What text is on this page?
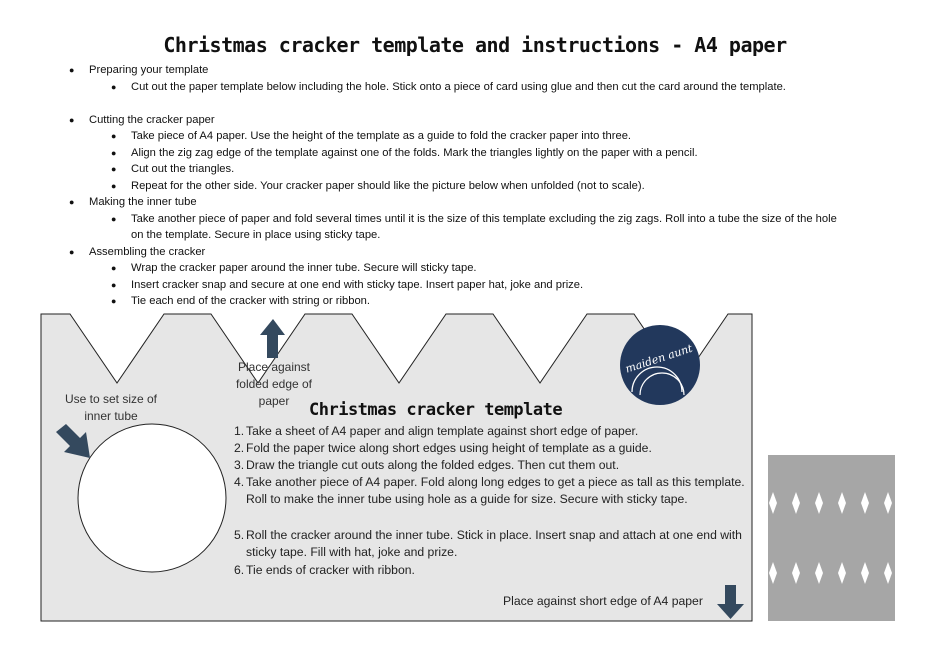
Christmas cracker template and instructions - A4 paper
● Preparing your template
● Cut out the paper template below including the hole. Stick onto a piece of card using glue and then cut the card around the template.
● Cutting the cracker paper
● Take piece of A4 paper. Use the height of the template as a guide to fold the cracker paper into three.
● Align the zig zag edge of the template against one of the folds. Mark the triangles lightly on the paper with a pencil.
● Cut out the triangles.
● Repeat for the other side. Your cracker paper should like the picture below when unfolded (not to scale).
● Making the inner tube
● Take another piece of paper and fold several times until it is the size of this template excluding the zig zags. Roll into a tube the size of the hole on the template. Secure in place using sticky tape.
● Assembling the cracker
● Wrap the cracker paper around the inner tube. Secure will sticky tape.
● Insert cracker snap and secure at one end with sticky tape. Insert paper hat, joke and prize.
● Tie each end of the cracker with string or ribbon.
maiden aunt
Place against folded edge of paper
Use to set size of inner tube	Christmas cracker template
1. Take a sheet of A4 paper and align template against short edge of paper.
2. Fold the paper twice along short edges using height of template as a guide.
3. Draw the triangle cut outs along the folded edges. Then cut them out.
4. Take another piece of A4 paper. Fold along long edges to get a piece as tall as this template. Roll to make the inner tube using hole as a guide for size. Secure with sticky tape.
5. Roll the cracker around the inner tube. Stick in place. Insert snap and attach at one end with sticky tape. Fill with hat, joke and prize.
6. Tie ends of cracker with ribbon.
Place against short edge of A4 paper
